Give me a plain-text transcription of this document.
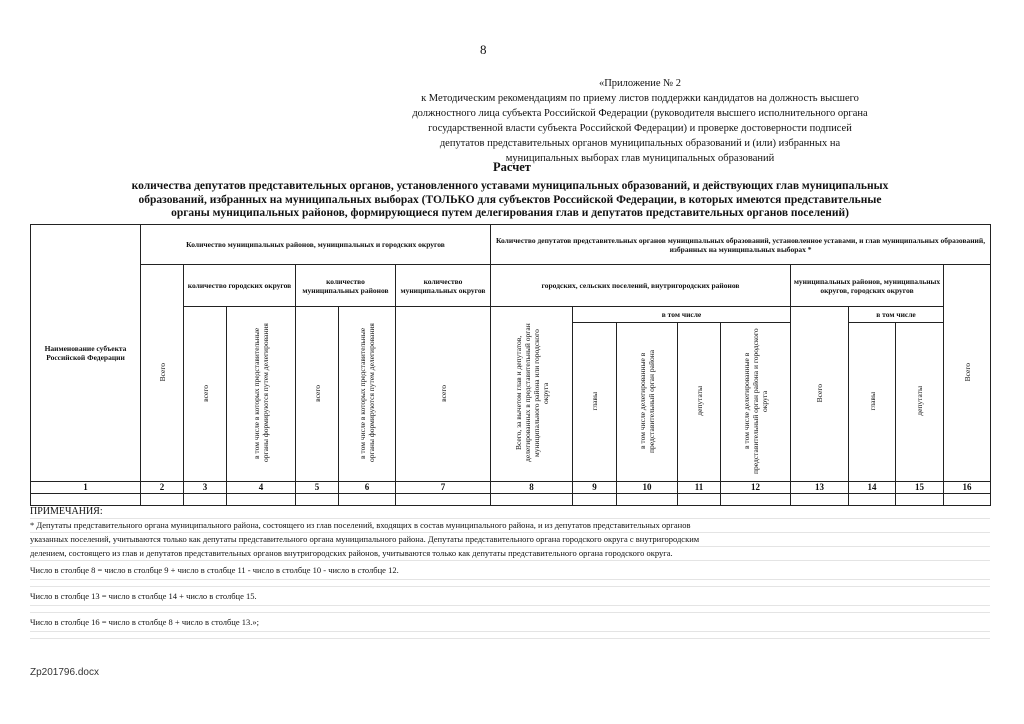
8
«Приложение № 2
к Методическим рекомендациям по приему листов поддержки кандидатов на должность высшего
должностного лица субъекта Российской Федерации (руководителя высшего исполнительного органа
государственной власти субъекта Российской Федерации) и проверке достоверности подписей
депутатов представительных органов муниципальных образований и (или) избранных на
муниципальных выборах глав муниципальных образований
Расчет
количества депутатов представительных органов, установленного уставами муниципальных образований, и действующих глав муниципальных
образований, избранных на муниципальных выборах (ТОЛЬКО для субъектов Российской Федерации, в которых имеются представительные
органы муниципальных районов, формирующиеся путем делегирования глав и депутатов представительных органов поселений)
Наименование субъекта Российской Федерации	Количество муниципальных районов, муниципальных и городских округов						Количество депутатов представительных органов муниципальных образований, установленное уставами, и глав муниципальных образований, избранных на муниципальных выборах *								
	Всего	количество городских округов		количество муниципальных районов		количество муниципальных округов	городских, сельских поселений, внутригородских районов					муниципальных районов, муниципальных округов, городских округов			Всего
		всего	в том числе в которых представительные органы формируются путем делегирования	всего	в том числе в которых представительные органы формируются путем делегирования	всего	Всего, за вычетом глав и депутатов, делегированных в представительный орган муниципального района или городского округа	в том числе				Всего	в том числе		
								главы	в том числе делегированные в представительный орган района	депутаты	в том числе делегированные в представительный орган района и городского округа		главы	депутаты	
1	2	3	4	5	6	7	8	9	10	11	12	13	14	15	16

ПРИМЕЧАНИЯ:
* Депутаты представительного органа муниципального района, состоящего из глав поселений, входящих в состав муниципального района, и из депутатов представительных органов
указанных поселений, учитываются только как депутаты представительного органа муниципального района. Депутаты представительного органа городского округа с внутригородским
делением, состоящего из глав и депутатов представительных органов внутригородских районов, учитываются только как депутаты представительного органа городского округа.
Число в столбце 8 = число в столбце 9 + число в столбце 11 - число в столбце 10 - число в столбце 12.
Число в столбце 13 = число в столбце 14 + число в столбце 15.
Число в столбце 16 = число в столбце 8 + число в столбце 13.»;
Zp201796.docx
